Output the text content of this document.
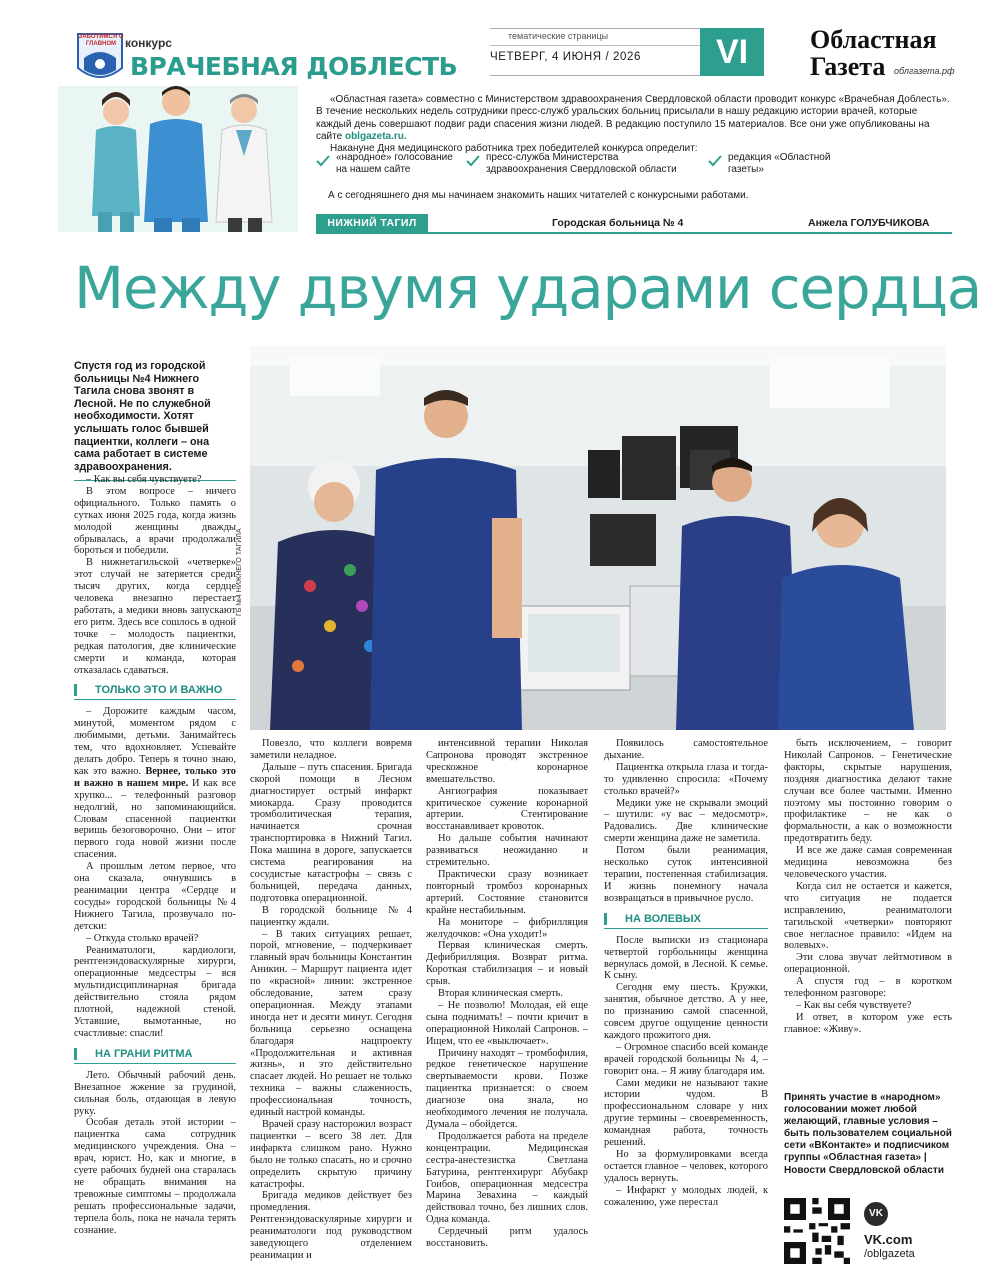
ЗАБОТИМСЯ О ГЛАВНОМ конкурс
ВРАЧЕБНАЯ ДОБЛЕСТЬ
тематические страницы
ЧЕТВЕРГ, 4 ИЮНЯ / 2026	VI	Областная
Газета облгазета.рф

«Областная газета» совместно с Министерством здравоохранения Свердловской области проводит конкурс «Врачебная Доблесть». В течение нескольких недель сотрудники пресс-служб уральских больниц присылали в нашу редакцию истории врачей, которые каждый день совершают подвиг ради спасения жизни людей. В редакцию поступило 15 материалов. Все они уже опубликованы на сайте oblgazeta.ru.

Накануне Дня медицинского работника трех победителей конкурса определит:

«народное» голосование на нашем сайте
пресс-служба Министерства здравоохранения Свердловской области
редакция «Областной газеты»
А с сегодняшнего дня мы начинаем знакомить наших читателей с конкурсными работами.
НИЖНИЙ ТАГИЛ	Городская больница № 4	Анжела ГОЛУБЧИКОВА
Между двумя ударами сердца
Спустя год из городской больницы №4 Нижнего Тагила снова звонят в Лесной. Не по служебной необходимости. Хотят услышать голос бывшей пациентки, коллеги – она сама работает в системе здравоохранения.
ГБ №4 НИЖНЕГО ТАГИЛА

– Как вы себя чувствуете?

В этом вопросе – ничего официального. Только память о сутках июня 2025 года, когда жизнь молодой женщины дважды обрывалась, а врачи продолжали бороться и победили.

В нижнетагильской «четверке» этот случай не затеряется среди тысяч других, когда сердце человека внезапно перестает работать, а медики вновь запускают его ритм. Здесь все сошлось в одной точке – молодость пациентки, редкая патология, две клинические смерти и команда, которая отказалась сдаваться.

ТОЛЬКО ЭТО И ВАЖНО

– Дорожите каждым часом, минутой, моментом рядом с любимыми, детьми. Занимайтесь тем, что вдохновляет. Успевайте делать добро. Теперь я точно знаю, как это важно. Вернее, только это и важно в нашем мире. И как все хрупко... – телефонный разговор недолгий, но запоминающийся. Словам спасенной пациентки веришь безоговорочно. Они – итог первого года новой жизни после спасения.

А прошлым летом первое, что она сказала, очнувшись в реанимации центра «Сердце и сосуды» городской больницы №4 Нижнего Тагила, прозвучало по-детски:

– Откуда столько врачей?

Реаниматологи, кардиологи, рентгенэндоваскулярные хирурги, операционные медсестры – вся мультидисциплинарная бригада действительно стояла рядом плотной, надежной стеной. Уставшие, вымотанные, но счастливые: спасли!

НА ГРАНИ РИТМА

Лето. Обычный рабочий день. Внезапное жжение за грудиной, сильная боль, отдающая в левую руку.

Особая деталь этой истории – пациентка сама сотрудник медицинского учреждения. Она – врач, юрист. Но, как и многие, в суете рабочих будней она старалась не обращать внимания на тревожные симптомы – продолжала решать профессиональные задачи, терпела боль, пока не начала терять сознание.

Повезло, что коллеги вовремя заметили неладное.

Дальше – путь спасения. Бригада скорой помощи в Лесном диагностирует острый инфаркт миокарда. Сразу проводится тромболитическая терапия, начинается срочная транспортировка в Нижний Тагил. Пока машина в дороге, запускается система реагирования на сосудистые катастрофы – связь с больницей, передача данных, подготовка операционной.

В городской больнице №4 пациентку ждали.

– В таких ситуациях решает, порой, мгновение, – подчеркивает главный врач больницы Константин Аникин. – Маршрут пациента идет по «красной» линии: экстренное обследование, затем сразу операционная. Между этапами иногда нет и десяти минут. Сегодня больница серьезно оснащена благодаря нацпроекту «Продолжительная и активная жизнь», и это действительно спасает людей. Но решает не только техника – важны слаженность, профессиональная точность, единый настрой команды.

Врачей сразу насторожил возраст пациентки – всего 38 лет. Для инфаркта слишком рано. Нужно было не только спасать, но и срочно определить скрытую причину катастрофы.

Бригада медиков действует без промедления. Рентгенэндоваскулярные хирурги и реаниматологи под руководством заведующего отделением реанимации и

интенсивной терапии Николая Сапронова проводят экстренное чрескожное коронарное вмешательство.

Ангиография показывает критическое сужение коронарной артерии. Стентирование восстанавливает кровоток.

Но дальше события начинают развиваться неожиданно и стремительно.

Практически сразу возникает повторный тромбоз коронарных артерий. Состояние становится крайне нестабильным.

На мониторе – фибрилляция желудочков: «Она уходит!»

Первая клиническая смерть. Дефибрилляция. Возврат ритма. Короткая стабилизация – и новый срыв.

Вторая клиническая смерть.

– Не позволю! Молодая, ей еще сына поднимать! – почти кричит в операционной Николай Сапронов. – Ищем, что ее «выключает».

Причину находят – тромбофилия, редкое генетическое нарушение свертываемости крови. Позже пациентка признается: о своем диагнозе она знала, но необходимого лечения не получала. Думала – обойдется.

Продолжается работа на пределе концентрации. Медицинская сестра-анестезистка Светлана Батурина, рентгенхирург Абубакр Гоибов, операционная медсестра Марина Зевахина – каждый действовал точно, без лишних слов. Одна команда.

Сердечный ритм удалось восстановить.

Появилось самостоятельное дыхание.

Пациентка открыла глаза и тогда-то удивленно спросила: «Почему столько врачей?»

Медики уже не скрывали эмоций – шутили: «у вас – медосмотр». Радовались. Две клинические смерти женщина даже не заметила.

Потом были реанимация, несколько суток интенсивной терапии, постепенная стабилизация. И жизнь понемногу начала возвращаться в привычное русло.

НА ВОЛЕВЫХ

После выписки из стационара четвертой горбольницы женщина вернулась домой, в Лесной. К семье. К сыну.

Сегодня ему шесть. Кружки, занятия, обычное детство. А у нее, по признанию самой спасенной, совсем другое ощущение ценности каждого прожитого дня.

– Огромное спасибо всей команде врачей городской больницы № 4, – говорит она. – Я живу благодаря им.

Сами медики не называют такие истории чудом. В профессиональном словаре у них другие термины – своевременность, командная работа, точность решений.

Но за формулировками всегда остается главное – человек, которого удалось вернуть.

– Инфаркт у молодых людей, к сожалению, уже перестал

быть исключением, – говорит Николай Сапронов. – Генетические факторы, скрытые нарушения, поздняя диагностика делают такие случаи все более частыми. Именно поэтому мы постоянно говорим о профилактике – не как о формальности, а как о возможности предотвратить беду.

И все же даже самая современная медицина невозможна без человеческого участия.

Когда сил не остается и кажется, что ситуация не подается исправлению, реаниматологи тагильской «четверки» повторяют свое негласное правило: «Идем на волевых».

Эти слова звучат лейтмотивом в операционной.

А спустя год – в коротком телефонном разговоре:

– Как вы себя чувствуете?

И ответ, в котором уже есть главное: «Живу».

Принять участие в «народном» голосовании может любой желающий, главные условия – быть пользователем социальной сети «ВКонтакте» и подписчиком группы «Областная газета» | Новости Свердловской области
VK
VK.com
/oblgazeta
